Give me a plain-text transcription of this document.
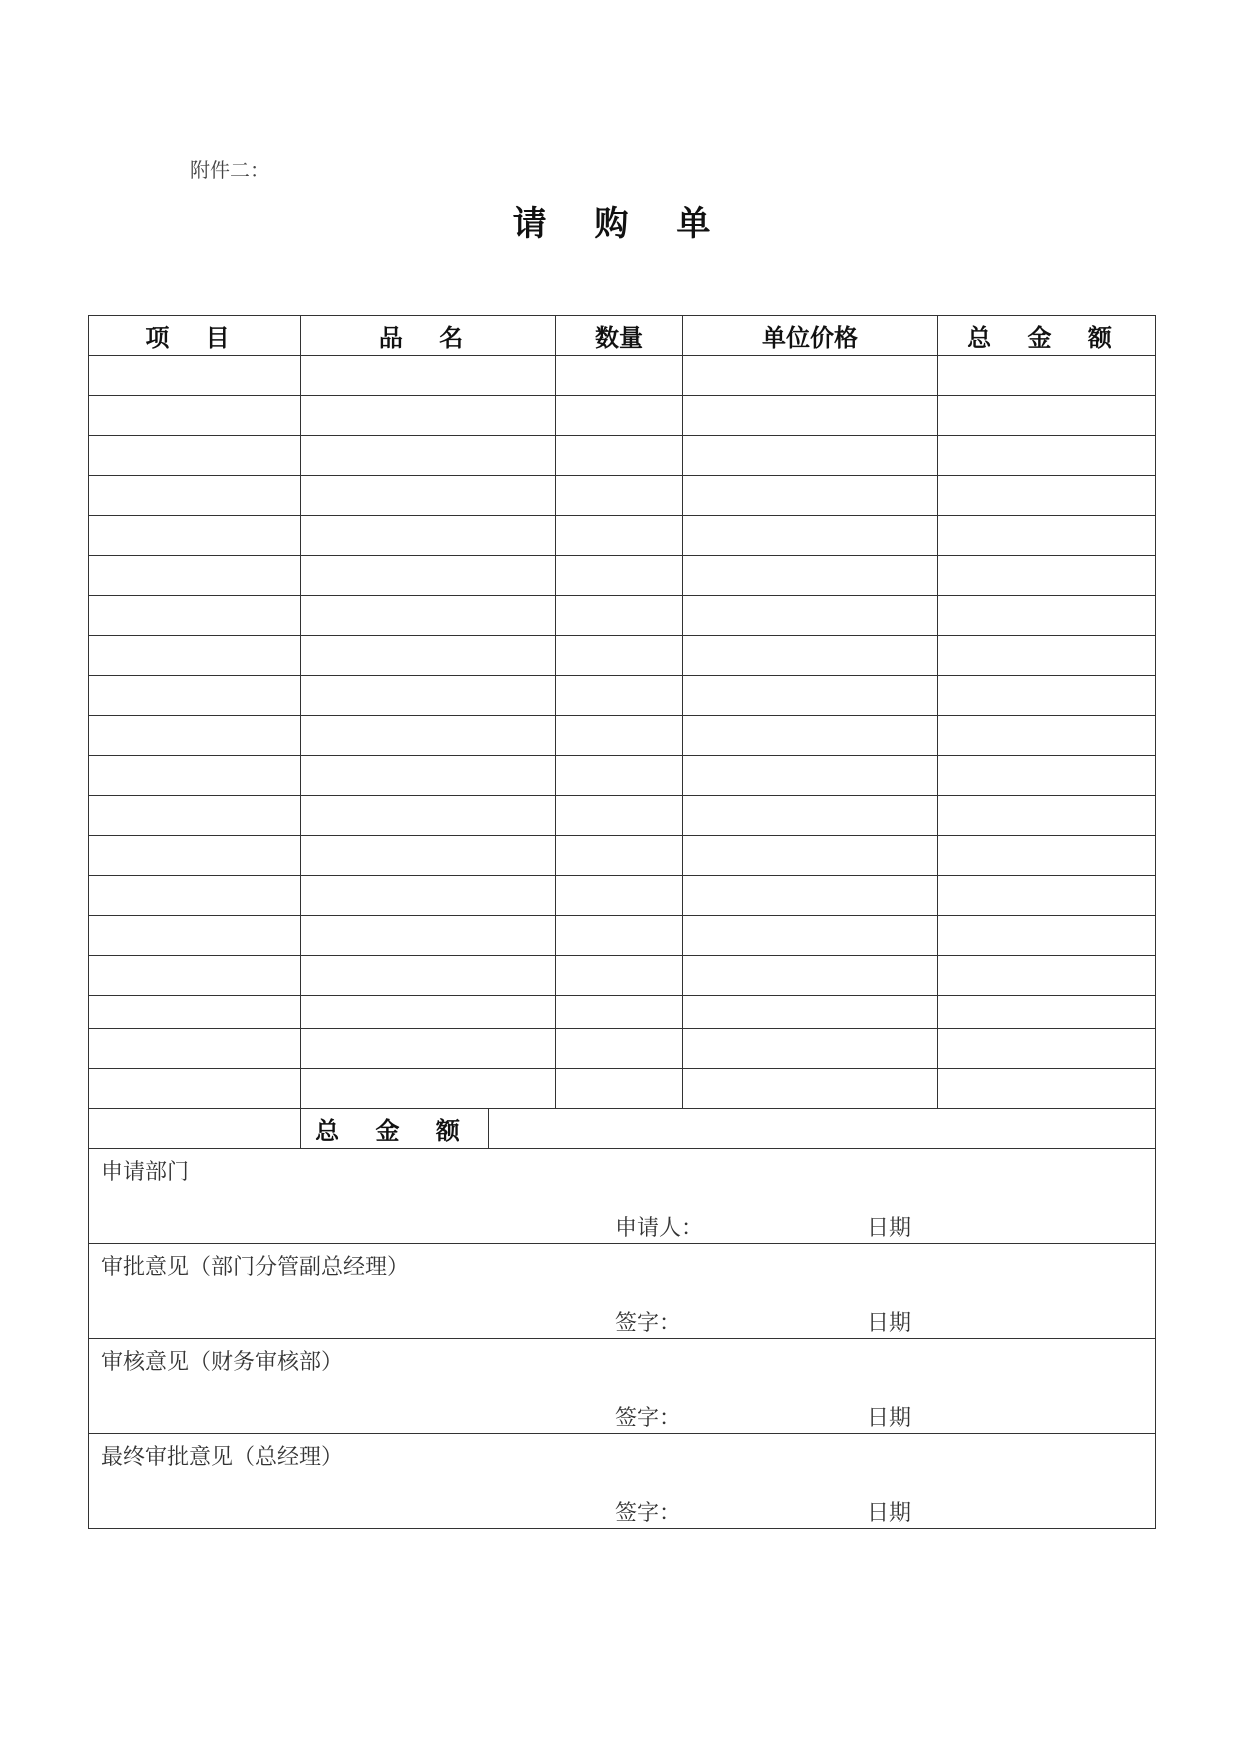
附件二：
请 购 单
项 目	品 名		数量	单位价格	总 金 额

	总 金 额				

申请部门
申请人： 日期					

审批意见（部门分管副总经理）
签字： 日期					

审核意见（财务审核部）
签字： 日期					

最终审批意见（总经理）
签字： 日期					
